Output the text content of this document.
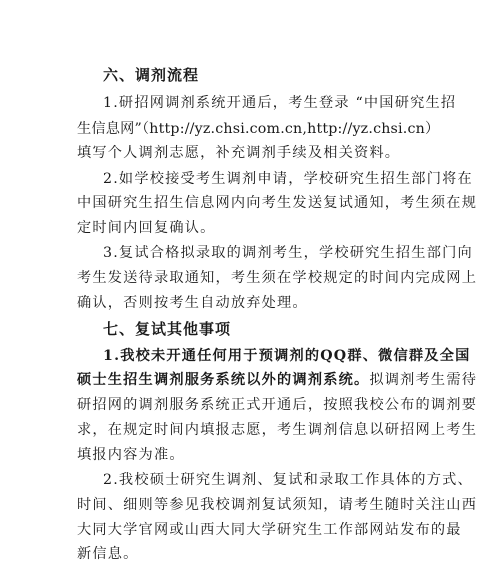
六、调剂流程
1.研招网调剂系统开通后，考生登录 “中国研究生招
生信息网”（http://yz.chsi.com.cn,http://yz.chsi.cn）
填写个人调剂志愿，补充调剂手续及相关资料。
2.如学校接受考生调剂申请，学校研究生招生部门将在
中国研究生招生信息网内向考生发送复试通知，考生须在规
定时间内回复确认。
3.复试合格拟录取的调剂考生，学校研究生招生部门向
考生发送待录取通知，考生须在学校规定的时间内完成网上
确认，否则按考生自动放弃处理。
七、复试其他事项
1.我校未开通任何用于预调剂的QQ群、微信群及全国
硕士生招生调剂服务系统以外的调剂系统。拟调剂考生需待
研招网的调剂服务系统正式开通后，按照我校公布的调剂要
求，在规定时间内填报志愿，考生调剂信息以研招网上考生
填报内容为准。
2.我校硕士研究生调剂、复试和录取工作具体的方式、
时间、细则等参见我校调剂复试须知，请考生随时关注山西
大同大学官网或山西大同大学研究生工作部网站发布的最
新信息。
